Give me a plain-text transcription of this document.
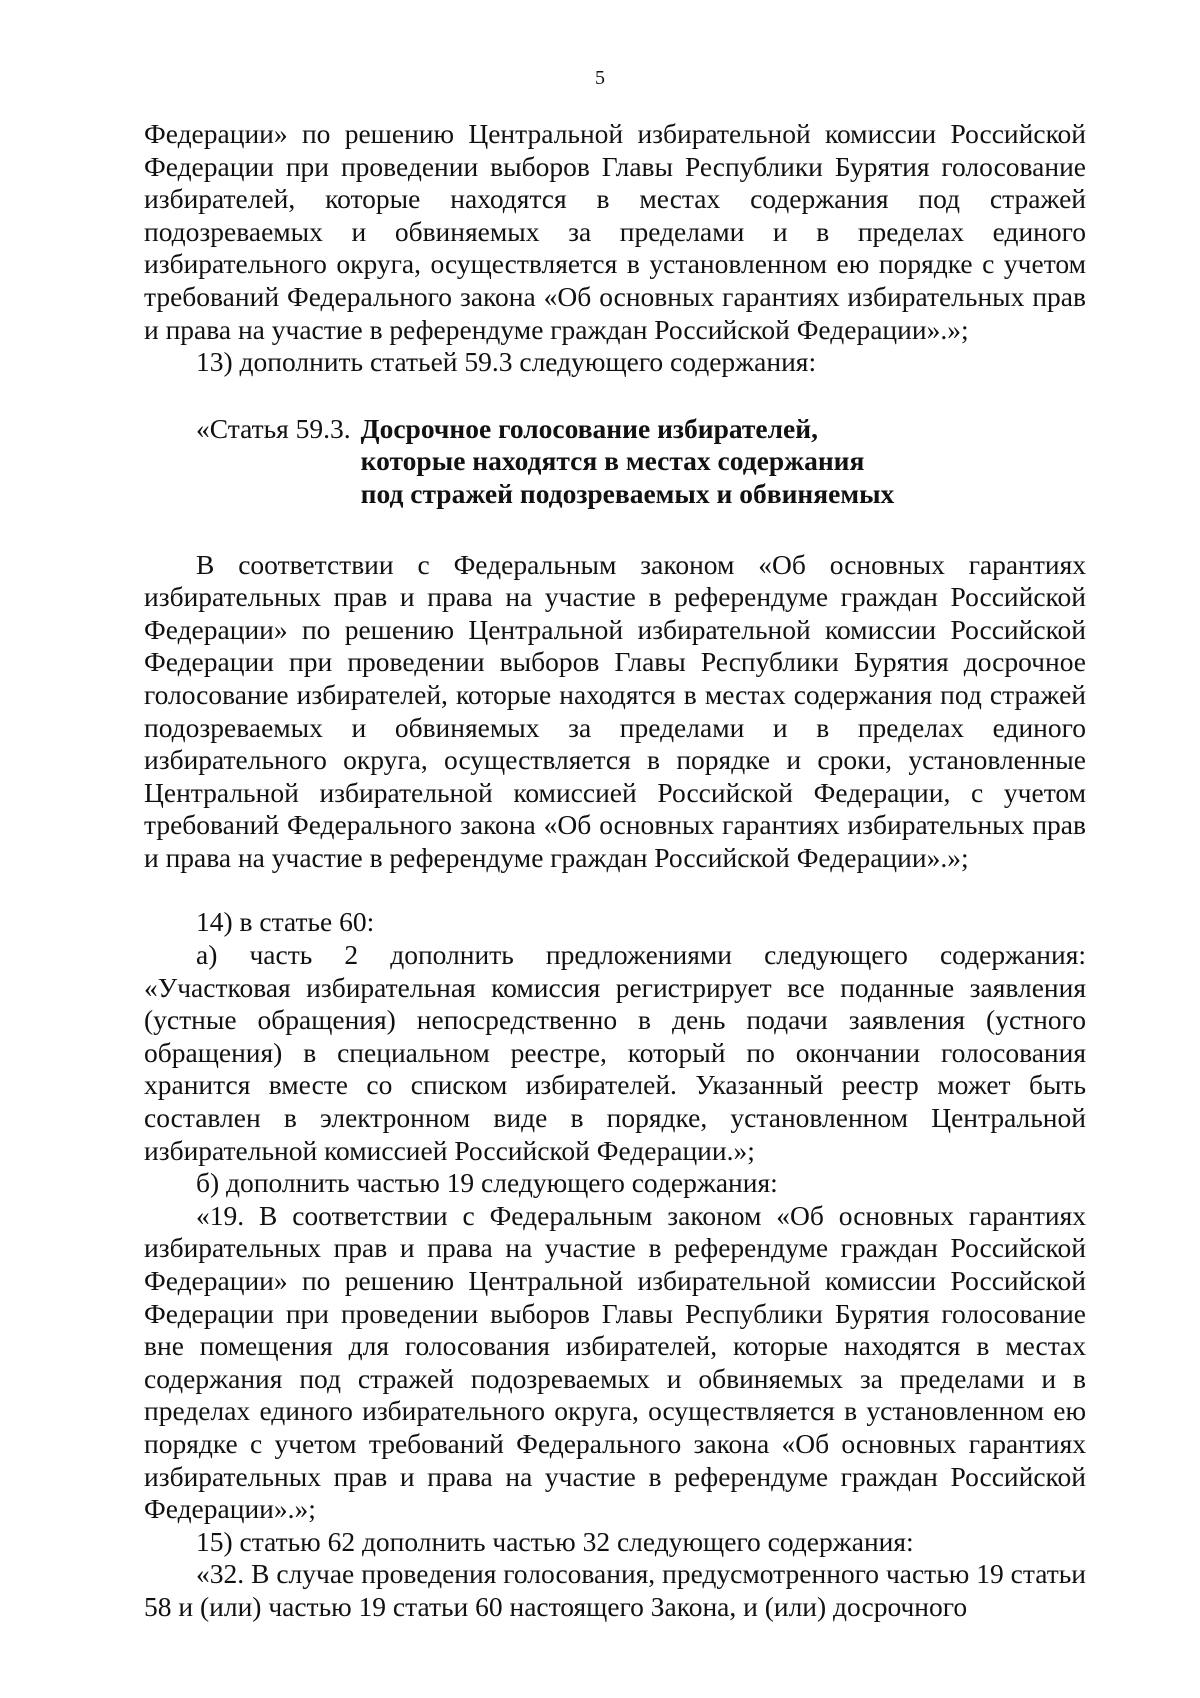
5

Федерации» по решению Центральной избирательной комиссии Российской Федерации при проведении выборов Главы Республики Бурятия голосование избирателей, которые находятся в местах содержания под стражей подозреваемых и обвиняемых за пределами и в пределах единого избирательного округа, осуществляется в установленном ею порядке с учетом требований Федерального закона «Об основных гарантиях избирательных прав и права на участие в референдуме граждан Российской Федерации».»;

13) дополнить статьей 59.3 следующего содержания:

«Статья 59.3. Досрочное голосование избирателей,
которые находятся в местах содержания
под стражей подозреваемых и обвиняемых

В соответствии с Федеральным законом «Об основных гарантиях избирательных прав и права на участие в референдуме граждан Российской Федерации» по решению Центральной избирательной комиссии Российской Федерации при проведении выборов Главы Республики Бурятия досрочное голосование избирателей, которые находятся в местах содержания под стражей подозреваемых и обвиняемых за пределами и в пределах единого избирательного округа, осуществляется в порядке и сроки, установленные Центральной избирательной комиссией Российской Федерации, с учетом требований Федерального закона «Об основных гарантиях избирательных прав и права на участие в референдуме граждан Российской Федерации».»;

14) в статье 60:

а) часть 2 дополнить предложениями следующего содержания: «Участковая избирательная комиссия регистрирует все поданные заявления (устные обращения) непосредственно в день подачи заявления (устного обращения) в специальном реестре, который по окончании голосования хранится вместе со списком избирателей. Указанный реестр может быть составлен в электронном виде в порядке, установленном Центральной избирательной комиссией Российской Федерации.»;

б) дополнить частью 19 следующего содержания:

«19. В соответствии с Федеральным законом «Об основных гарантиях избирательных прав и права на участие в референдуме граждан Российской Федерации» по решению Центральной избирательной комиссии Российской Федерации при проведении выборов Главы Республики Бурятия голосование вне помещения для голосования избирателей, которые находятся в местах содержания под стражей подозреваемых и обвиняемых за пределами и в пределах единого избирательного округа, осуществляется в установленном ею порядке с учетом требований Федерального закона «Об основных гарантиях избирательных прав и права на участие в референдуме граждан Российской Федерации».»;

15) статью 62 дополнить частью 32 следующего содержания:

«32. В случае проведения голосования, предусмотренного частью 19 статьи 58 и (или) частью 19 статьи 60 настоящего Закона, и (или) досрочного
